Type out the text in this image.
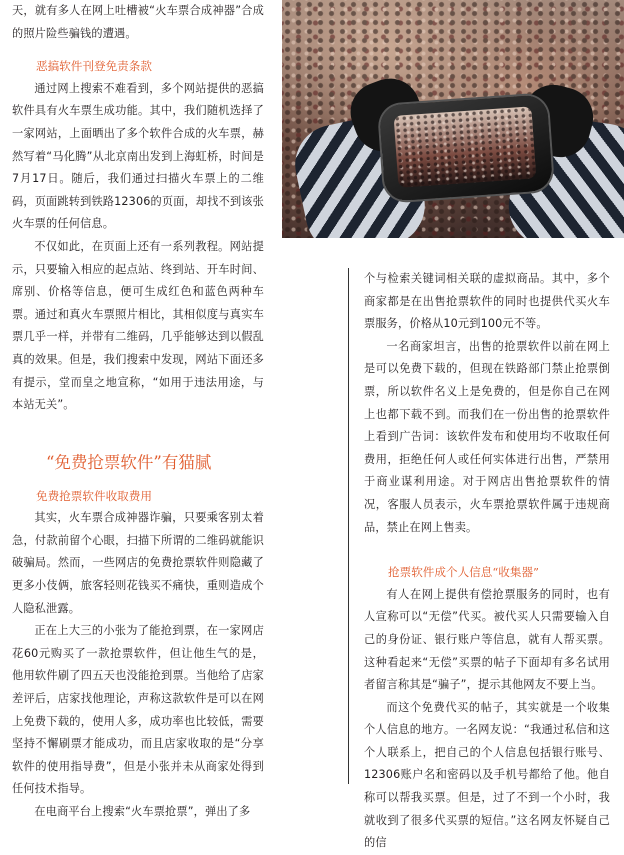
天，就有多人在网上吐槽被“火车票合成神器”合成的照片险些骗钱的遭遇。

恶搞软件刊登免责条款

通过网上搜索不难看到，多个网站提供的恶搞软件具有火车票生成功能。其中，我们随机选择了一家网站，上面晒出了多个软件合成的火车票，赫然写着“马化腾”从北京南出发到上海虹桥，时间是7月17日。随后，我们通过扫描火车票上的二维码，页面跳转到铁路12306的页面，却找不到该张火车票的任何信息。

不仅如此，在页面上还有一系列教程。网站提示，只要输入相应的起点站、终到站、开车时间、席别、价格等信息，便可生成红色和蓝色两种车票。通过和真火车票照片相比，其相似度与真实车票几乎一样，并带有二维码，几乎能够达到以假乱真的效果。但是，我们搜索中发现，网站下面还多有提示，堂而皇之地宣称，“如用于违法用途，与本站无关”。

“免费抢票软件”有猫腻
免费抢票软件收取费用

其实，火车票合成神器诈骗，只要乘客别太着急，付款前留个心眼，扫描下所谓的二维码就能识破骗局。然而，一些网店的免费抢票软件则隐藏了更多小伎俩，旅客轻则花钱买不痛快，重则造成个人隐私泄露。

正在上大三的小张为了能抢到票，在一家网店花60元购买了一款抢票软件，但让他生气的是，他用软件刷了四五天也没能抢到票。当他给了店家差评后，店家找他理论，声称这款软件是可以在网上免费下载的，使用人多，成功率也比较低，需要坚持不懈刷票才能成功，而且店家收取的是“分享软件的使用指导费”，但是小张并未从商家处得到任何技术指导。

在电商平台上搜索“火车票抢票”，弹出了多

个与检索关键词相关联的虚拟商品。其中，多个商家都是在出售抢票软件的同时也提供代买火车票服务，价格从10元到100元不等。

一名商家坦言，出售的抢票软件以前在网上是可以免费下载的，但现在铁路部门禁止抢票倒票，所以软件名义上是免费的，但是你自己在网上也都下载不到。而我们在一份出售的抢票软件上看到广告词：该软件发布和使用均不收取任何费用，拒绝任何人或任何实体进行出售，严禁用于商业谋利用途。对于网店出售抢票软件的情况，客服人员表示，火车票抢票软件属于违规商品，禁止在网上售卖。

抢票软件成个人信息“收集器”

有人在网上提供有偿抢票服务的同时，也有人宣称可以“无偿”代买。被代买人只需要输入自己的身份证、银行账户等信息，就有人帮买票。这种看起来“无偿”买票的帖子下面却有多名试用者留言称其是“骗子”，提示其他网友不要上当。

而这个免费代买的帖子，其实就是一个收集个人信息的地方。一名网友说：“我通过私信和这个人联系上，把自己的个人信息包括银行账号、12306账户名和密码以及手机号都给了他。他自称可以帮我买票。但是，过了不到一个小时，我就收到了很多代买票的短信。”这名网友怀疑自己的信
